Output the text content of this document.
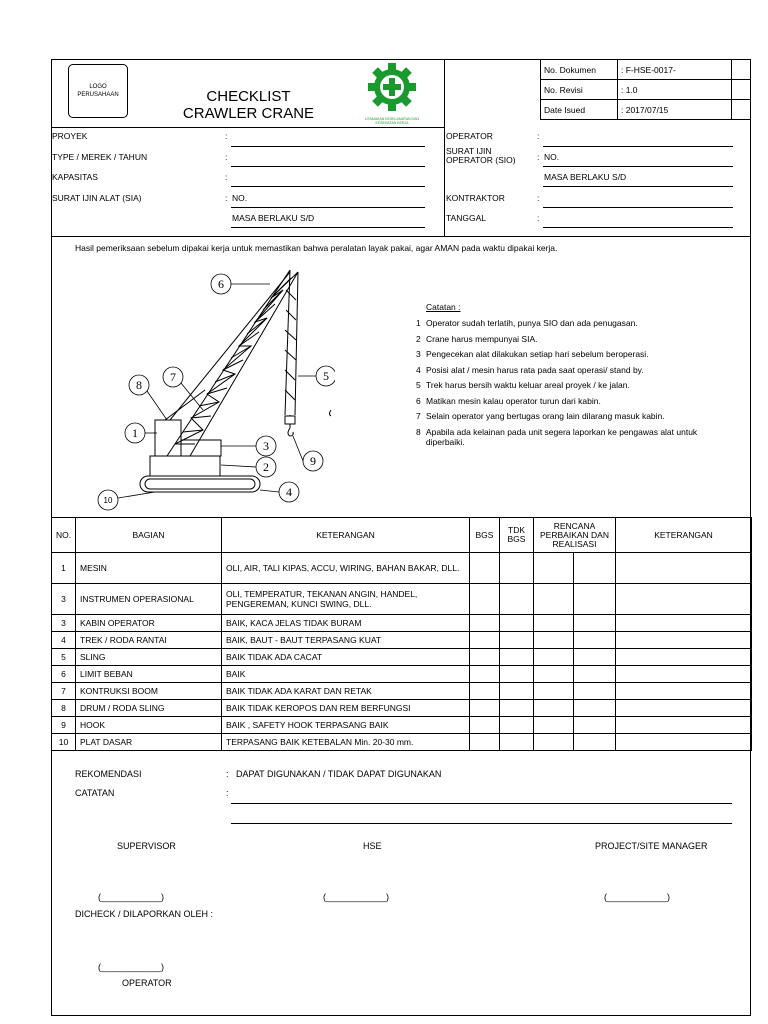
LOGO PERUSAHAAN	CHECKLIST
CRAWLER CRANE	UTAMAKAN KESELAMATAN DAN KESEHATAN KERJA
No. Dokumen	: F-HSE-0017-	
No. Revisi	: 1.0	
Date Isued	: 2017/07/15	
PROYEK	:
TYPE / MEREK / TAHUN	:
KAPASITAS	:
SURAT IJIN ALAT (SIA)	: NO.
MASA BERLAKU S/D
OPERATOR	:
SURAT IJIN OPERATOR (SIO)	: NO.
MASA BERLAKU S/D
KONTRAKTOR	:
TANGGAL	:
Hasil pemeriksaan sebelum dipakai kerja untuk memastikan bahwa peralatan layak pakai, agar AMAN pada waktu dipakai kerja.
6
7
8
5
1
3
2	9
4
10
Catatan :
1 Operator sudah terlatih, punya SIO dan ada penugasan.
2 Crane harus mempunyai SIA.
3 Pengecekan alat dilakukan setiap hari sebelum beroperasi.
4 Posisi alat / mesin harus rata pada saat operasi/ stand by.
5 Trek harus bersih waktu keluar areal proyek / ke jalan.
6 Matikan mesin kalau operator turun dari kabin.
7 Selain operator yang bertugas orang lain dilarang masuk kabin.
8 Apabila ada kelainan pada unit segera laporkan ke pengawas alat untuk diperbaiki.
NO.	BAGIAN	KETERANGAN	BGS	TDK BGS	RENCANA PERBAIKAN DAN REALISASI		KETERANGAN
1	MESIN	OLI, AIR, TALI KIPAS, ACCU, WIRING, BAHAN BAKAR, DLL.					
3	INSTRUMEN OPERASIONAL	OLI, TEMPERATUR, TEKANAN ANGIN, HANDEL, PENGEREMAN, KUNCI SWING, DLL.					
3	KABIN OPERATOR	BAIK, KACA JELAS TIDAK BURAM					
4	TREK / RODA RANTAI	BAIK, BAUT - BAUT TERPASANG KUAT					
5	SLING	BAIK TIDAK ADA CACAT					
6	LIMIT BEBAN	BAIK					
7	KONTRUKSI BOOM	BAIK TIDAK ADA KARAT DAN RETAK					
8	DRUM / RODA SLING	BAIK TIDAK KEROPOS DAN REM BERFUNGSI					
9	HOOK	BAIK , SAFETY HOOK TERPASANG BAIK					
10	PLAT DASAR	TERPASANG BAIK KETEBALAN Min. 20-30 mm.					
REKOMENDASI	: DAPAT DIGUNAKAN / TIDAK DAPAT DIGUNAKAN
CATATAN	:
SUPERVISOR	HSE	PROJECT/SITE MANAGER
(____________)	(____________)	(____________)
DICHECK / DILAPORKAN OLEH :
(____________)
OPERATOR
